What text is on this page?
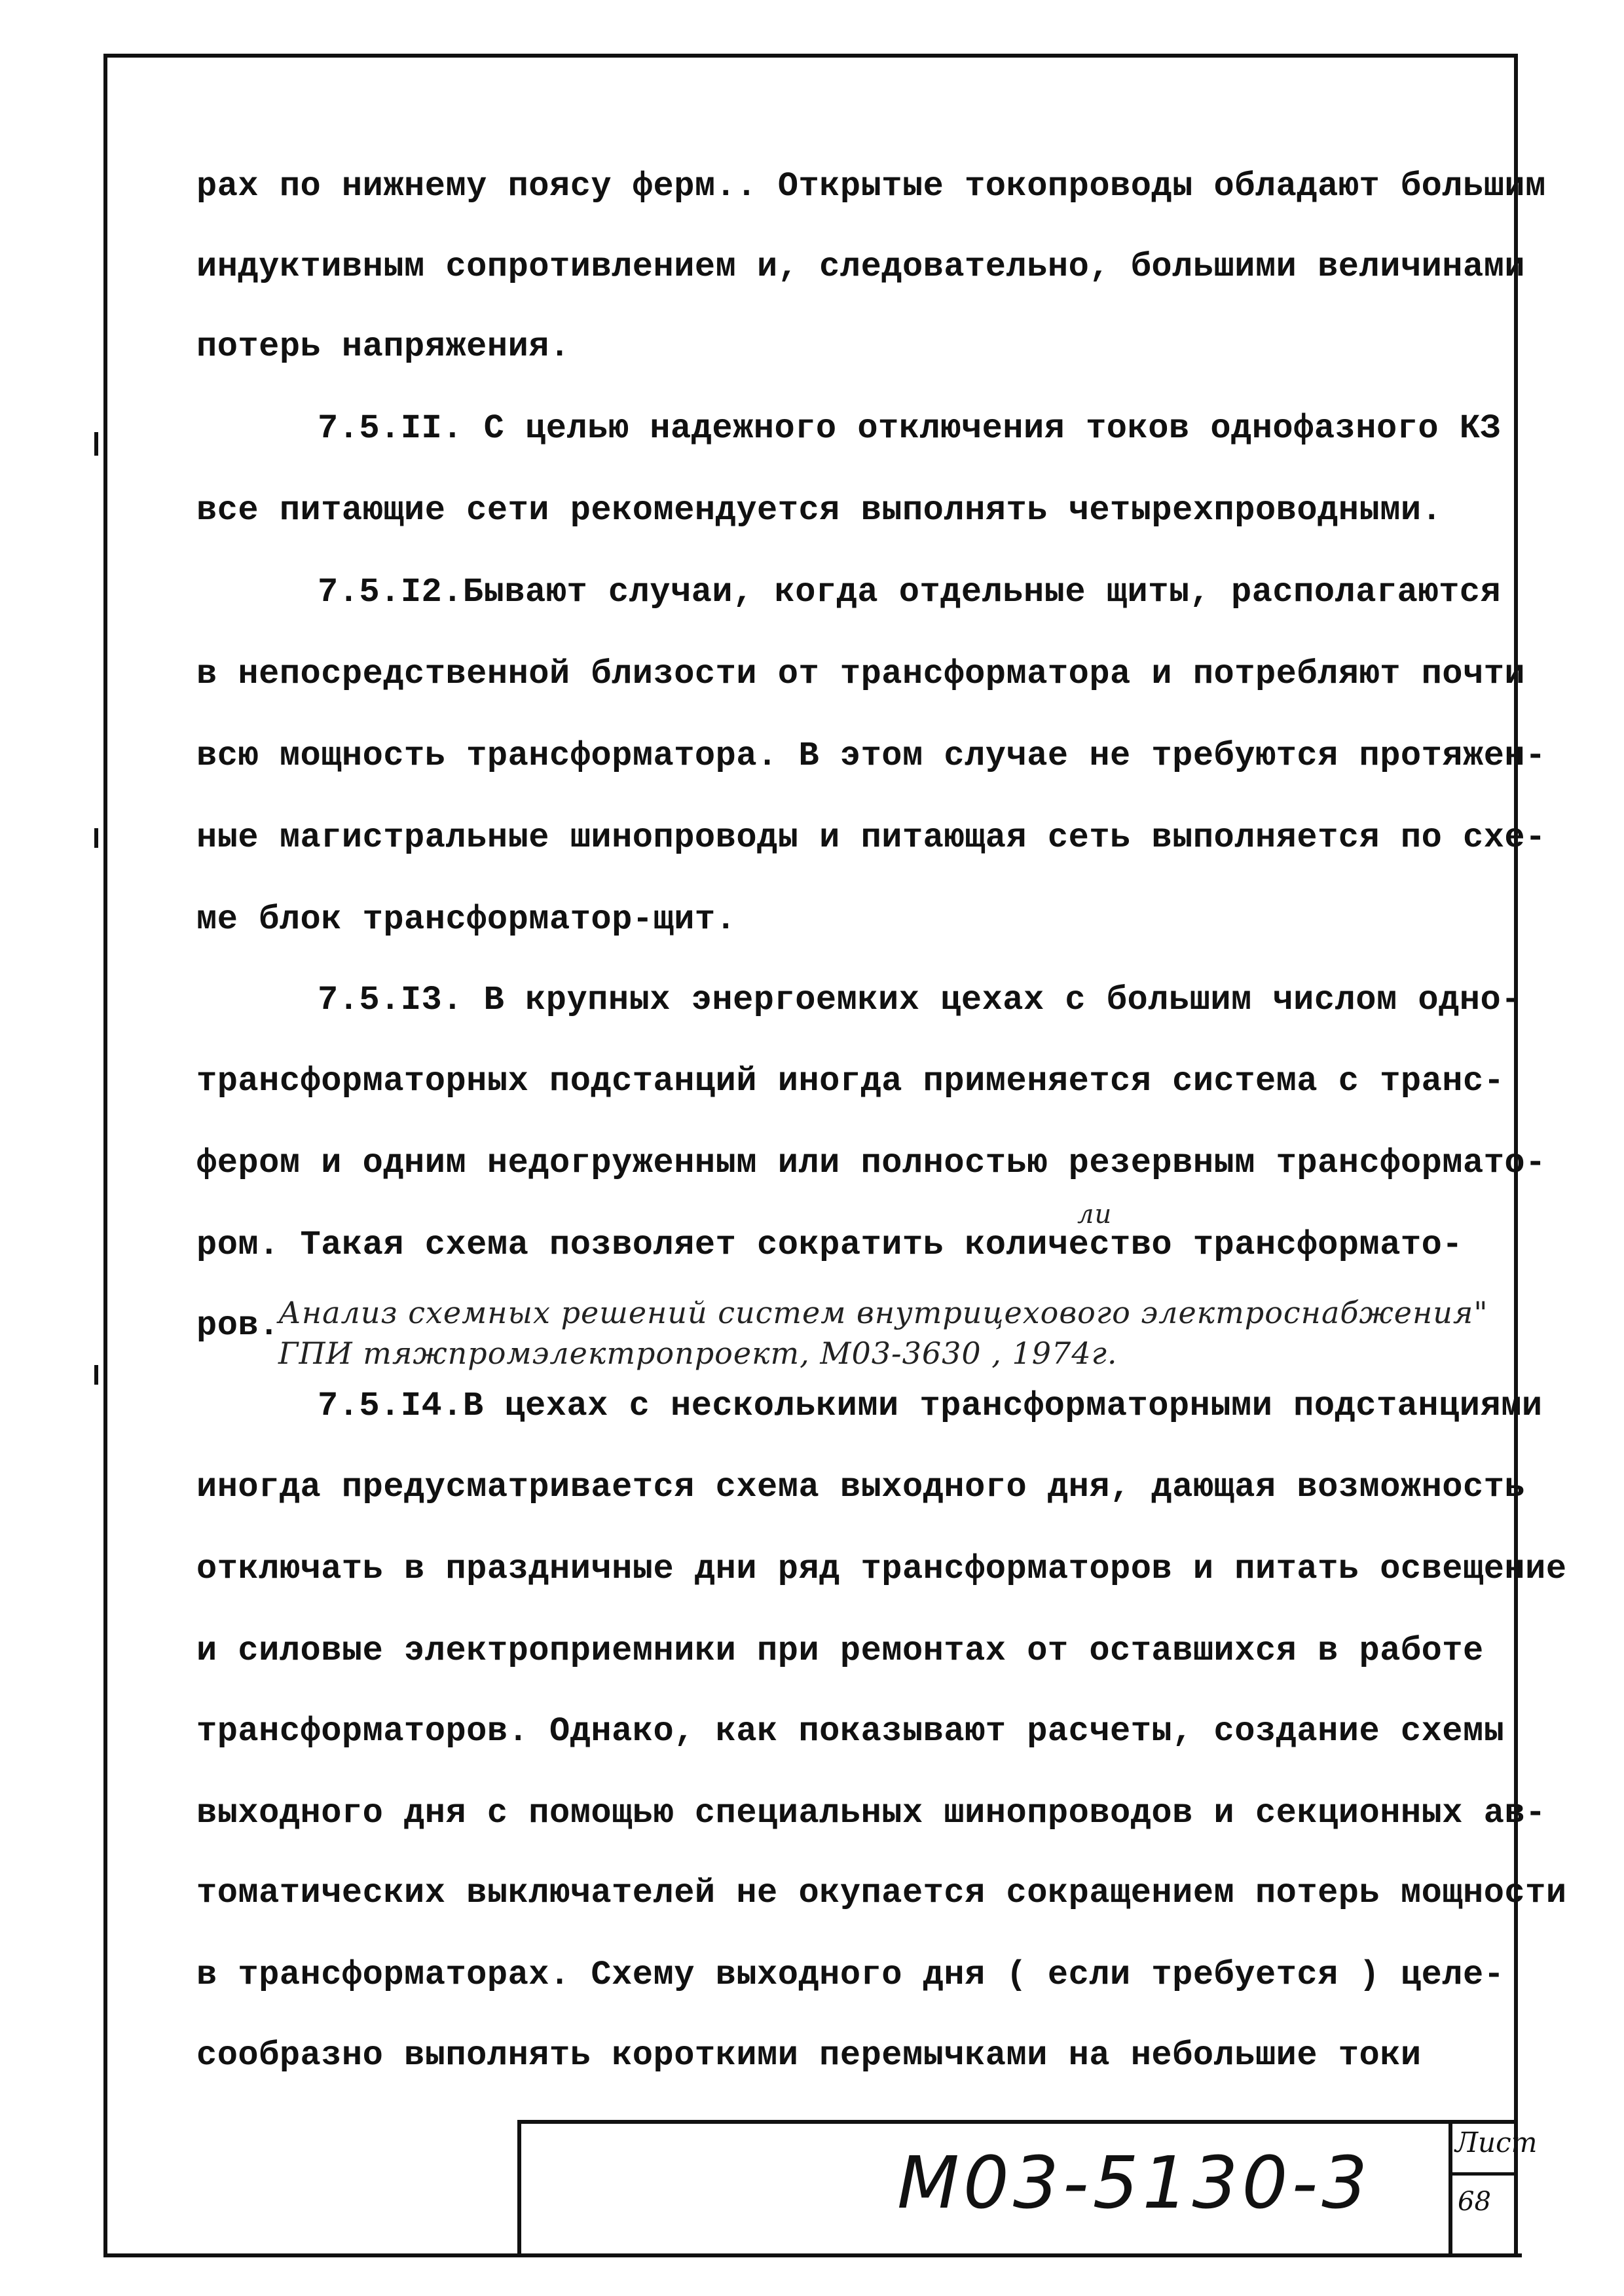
рах по нижнему поясу ферм.. Открытые токопроводы обладают большим
индуктивным сопротивлением и, следовательно, большими величинами
потерь напряжения.
7.5.II. С целью надежного отключения токов однофазного КЗ
все питающие сети рекомендуется выполнять четырехпроводными.
7.5.I2.Бывают случаи, когда отдельные щиты, располагаются
в непосредственной близости от трансформатора и потребляют почти
всю мощность трансформатора. В этом случае не требуются протяжен-
ные магистральные шинопроводы и питающая сеть выполняется по схе-
ме блок трансформатор-щит.
7.5.I3. В крупных энергоемких цехах с большим числом одно-
трансформаторных подстанций иногда применяется система с транс-
фером и одним недогруженным или полностью резервным трансформато-
ром. Такая схема позволяет сократить количество трансформато-
ли
ров.
Анализ схемных решений систем внутрицехового электроснабжения"
ГПИ тяжпромэлектропроект, М03-3630 , 1974г.
7.5.I4.В цехах с несколькими трансформаторными подстанциями
иногда предусматривается схема выходного дня, дающая возможность
отключать в праздничные дни ряд трансформаторов и питать освещение
и силовые электроприемники при ремонтах от оставшихся в работе
трансформаторов. Однако, как показывают расчеты, создание схемы
выходного дня с помощью специальных шинопроводов и секционных ав-
томатических выключателей не окупается сокращением потерь мощности
в трансформаторах. Схему выходного дня ( если требуется ) целе-
сообразно выполнять короткими перемычками на небольшие токи
М03-5130-3	Лист
68
